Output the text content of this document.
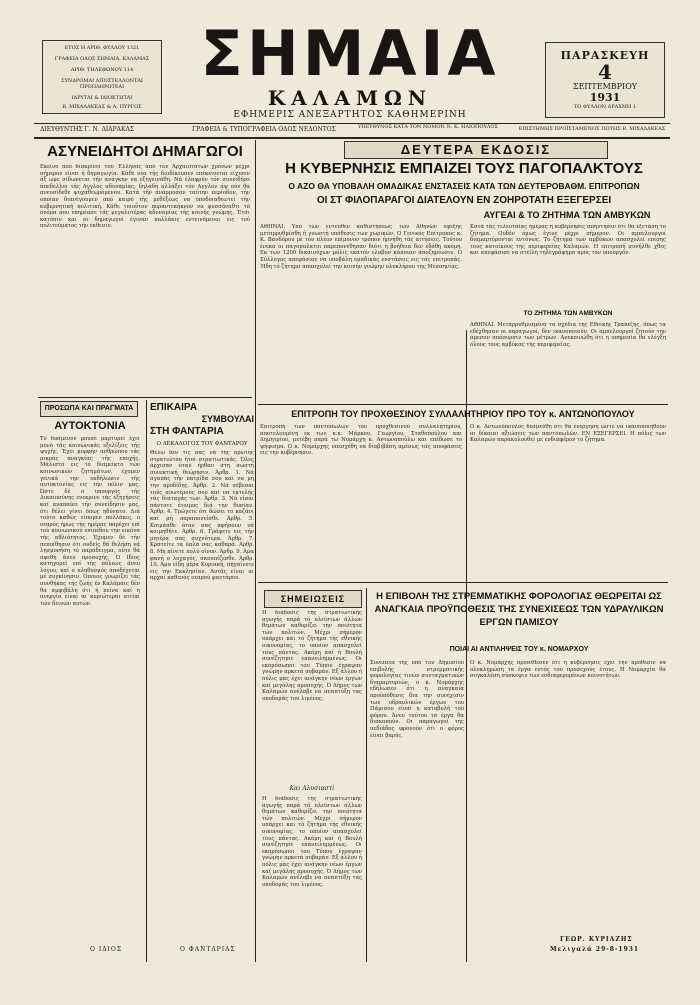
ΕΤΟΣ Η ΑΡΙΘ. ΦΥΛΛΟΥ 1321
ΓΡΑΦΕΙΑ ΟΔΟΣ ΣΗΜΑΙΑ, ΚΑΛΑΜΑΣ
ΑΡΙΘ. ΤΗΛΕΦΩΝΟΥ 114
ΣΥΝΔΡΟΜΑΙ ΑΠΟΣΤΕΛΛΟΝΤΑΙ ΠΡΟΠΛΗΡΩΤΕΑΙ
ΙΔΡΥΤΑΙ & ΙΔΙΟΚΤΗΤΑΙ
Β. ΜΙΧΑΛΑΚΕΑΣ & Α. ΠΥΡΓΟΣ
ΣΗΜΑΙΑ
ΚΑΛΑΜΩΝ
ΕΦΗΜΕΡΙΣ ΑΝΕΞΑΡΤΗΤΟΣ ΚΑΘΗΜΕΡΙΝΗ
ΠΑΡΑΣΚΕΥΗ
4
ΣΕΠΤΕΜΒΡΙΟΥ
1931
ΤΟ ΦΥΛΛΟΝ ΔΡΑΧΜΗ 1
ΔΙΕΥΘΥΝΤΗΣ Γ. Ν. ΔΙΑΡΑΚΑΣ	ΓΡΑΦΕΙΑ & ΤΥΠΟΓΡΑΦΕΙΑ ΟΔΟΣ ΝΕΔΟΝΤΟΣ	ΥΠΕΥΘΥΝΟΣ ΚΑΤΑ ΤΟΝ ΝΟΜΟΝ Ν. Κ. ΗΛΙΟΠΟΥΛΟΣ	ΕΠΙΣΤΗΜΗΣ ΠΡΟΪΣΤΑΜΕΝΟΣ ΠΟΤΗΣ Β. ΜΙΧΑΛΑΚΕΑΣ
ΑΣΥΝΕΙΔΗΤΟΙ ΔΗΜΑΓΩΓΟΙ
Εκείνο πού διακρίνει τού Έλληνας άπό τόν Άρχαιοτάτων χρόνων μέχρι σήμερον είναι ή δημαγωγία. Κάθε νέα τής διοδίκευσεν επέκεινεται είχισεν άξ ωμε σίδωνεται τήν ανάγκην να εξηγεινάθη. Νά έλαφρύν τόν συνειδήσε άπεδελλοι τάς Αγγλος αδυναμίας, δηλαδή αλλάξει τόν Αγγλον άψ ούν θα ανευσίδεθε ψυχαθεωρόμενου. Κατά τήν άνάρμοσαν ταύτην περίοδον, τήν οποίαν διανέγουμεν από καιρό τής μεθέξεως να ύποδοιαθεωτεί τήν κυβερνητική πολιτική. Κάθε τοιοΰτον πυραντεκήκνον να φυσσόναθτι τό ονόμα που επηρέασε τάς μεγαλυτέρας αδυναμίας τής κοινής γνώμης. Έτσι κατόπιν και οι δημαγωγοί έγιναν πολλάκις εντεινόμενοι εις τού πολιτεύματος τήν έκθεσιν.
ΠΡΟΣΩΠΑ ΚΑΙ ΠΡΑΓΜΑΤΑ
ΑΥΤΟΚΤΟΝΙΑ
Τό δυσμένον μουσέ μαρτυρεί έχει μονό τάς κοινωνικάς εξελίξεις τής ψυχής. Έχει μορφήν ανθρώπου τάς μικράς αναγκίας τής εποχής. Μάλιστα εις τό διαμείκτο τών κοινωνικών ζητημάτων, έχομεν γενικά την εκδήλωσιν τής αυτοκτονίας εις τήν πόλιν μας. Ώστε δέ ο υπουργός τής Δικαιοσύνης ενεκρινε τάς εξηγήσεις καί αναπαύει τήν συνείδησιν μας, ότι θέλει γίνει όπως ηδύνατο. Διά τούτο καθώς είπομεν πολλάκις, ο νεαρός ήρως τής ημέρας παρέχει επί τού κοινωνικού επιπέδου την εικόνα τής αθλιότητος. Έχομεν δέ τήν πεποίθησιν ότι ουδείς θά θελήση νά λησμονήση τό παράδειγμα, ούτε θά αφεθή άνευ προσοχής. Ό Ιδιος κατηγορεί επί τής πόλεως άνευ λόγου, καί ο πληθυσμός αποδέχεται μέ συγκίνησιν. Όποιος γνωρίζει τάς συνθήκας τής ζωής έν Καλάμαις δέν θα αμφιβάλη ότι ή πείνα καί η ανεργία είναι αι κυριώτεραι αιτίαι τών δεινών αυτών.
Ο ΙΔΙΟΣ
ΕΠΙΚΑΙΡΑ
ΣΥΜΒΟΥΛΑΙ
ΣΤΗ ΦΑΝΤΑΡΙΑ
Ο ΔΕΚΑΛΟΓΟΣ ΤΟΥ ΦΑΝΤΑΡΟΥ
Θέλω δεν τις σας νά τής πρώτης στρατιώτου ήτοι στρατιωτικάς. Όλες άρχισαν όταν ήρθαν στη σωστή συνεκτική θεώρησιν. Άρθρ. 1. Νά αγαπάς τήν πατρίδα σου καί να μή την προδίδης. Άρθρ. 2. Νά σέβεσαι τούς ανωτέρους σου καί να εκτελής τάς διαταγάς των. Άρθρ. 3. Νά είσαι πάντοτε έτοιμος διά την θυσίαν. Άρθρ. 4. Τρώγετε ότι δώσει το καζάνι καί μή παραπονείσθε. Άρθρ. 5. Κοιμάσθε όταν σας αφήσουν νά κοιμηθήτε. Άρθρ. 6. Γράφετε εις τήν μητέρα σας συχνότερα. Άρθρ. 7. Κρατείτε τα όπλα σας καθαρά. Άρθρ. 8. Μη πίνετε πολύ οίνον. Άρθρ. 9. Άμα φανή ο λοχαγός, σκουπίζεσθε. Άρθρ. 10. Άμα είδη μέρα Κυριακή, πηγαίνετε εις την Εκκλησίαν. Αυτάς είναι αι αρχαί καθενός νεαρού φαντάρου.
Ο ΦΑΝΤΑΡΙΑΣ
ΔΕΥΤΕΡΑ ΕΚΔΟΣΙΣ
Η ΚΥΒΕΡΝΗΣΙΣ ΕΜΠΑΙΖΕΙ ΤΟΥΣ ΠΑΓΟΠΑΛΚΤΟΥΣ
Ο ΑΖΟ ΘΑ ΥΠΟΒΑΛΗ ΟΜΑΔΙΚΑΣ ΕΝΣΤΑΣΕΙΣ ΚΑΤΑ ΤΩΝ ΔΕΥΤΕΡΟΒΑΘΜ. ΕΠΙΤΡΟΠΩΝ
ΟΙ ΣΤ ΦΙΛΟΠΑΡΑΓΟΙ ΔΙΑΤΕΛΟΥΝ ΕΝ ΖΟΗΡΟΤΑΤΗ ΕΞΕΓΕΡΣΕΙ
ΑΥΓΕΑΙ & ΤΟ ΖΗΤΗΜΑ ΤΩΝ ΑΜΒΥΚΩΝ
ΑΘΗΝΑΙ. Υπό τών εντεύθεν καθιστήσεως των Αθηνών εφεξής μεταρρυθμίσθη ή γνωστή υπόθεσις των χωρικών. Ο Γενικός Επίτροπος κ. Κ. Βανδόρου μέ τόν πλέον επίμονον τρόπον ήρνήθη τάς αιτήσεις. Τούτου ένεκα οι παγοπαλκτοι παρεπονέθησαν διότι η βοήθεια δεν εδόθη ακόμη. Εκ των 1200 δικαιούχων μόλις εκατόν ελαβον κάποιαν αποζημίωσιν. Ο Σύλλογος απεφάσισε να υποβάλη ομαδικάς ενστάσεις εις τάς επιτροπάς. Ήδη τό ζήτημα απασχολεί την κοινήν γνώμην ολοκλήρου της Μεσσηνίας.
Κατά τάς τελευταίας ημέρας η κυβέρνησις απήντησεν ότι θα εξετάση το ζήτημα. Ουδέν όμως έγινε μέχρι σήμερον. Οι αμπελουργοί διαμαρτύρονται εντόνως. Το ζήτημα των αμβύκων απασχολεί επίσης τους κατοίκους της περιφερείας Καλαμών. Η επιτροπή συνήλθε χθες και απεφάσισε να στείλη τηλεγράφημα προς τον υπουργόν.
ΤΟ ΖΗΤΗΜΑ ΤΩΝ ΑΜΒΥΚΩΝ
ΑΘΗΝΑΙ. Μεταρρυθμισμένα τα σχέδια της Εθνικής Τραπέζης, όπως τα εδέχθησαν οι παραγωγοί, δεν ικανοποιούν. Οι αμπελουργοί ζητούν την άμεσον απόσυρσιν των μέτρων. Ανεκοινώθη ότι η υπηρεσία θα ελέγξη όλους τους αμβύκας της περιφερείας.
ΕΠΙΤΡΟΠΗ ΤΟΥ ΠΡΟΧΘΕΣΙΝΟΥ ΣΥΛΛΑΛΗΤΗΡΙΟΥ ΠΡΟ ΤΟΥ κ. ΑΝΤΩΝΟΠΟΥΛΟΥ
Επιτροπή των παντοπωλών του προχθεσινού συλλαλητηρίου, αποτελουμένη εκ των κ.κ. Μάρκου, Γεωργίου, Σταθοπούλου και Δημητρίου, μετέβη παρά τω Νομάρχη κ. Αντωνοπούλω και επέδωσε το ψήφισμα. Ο κ. Νομάρχης υπεσχέθη να διαβιβάση αμέσως τάς αποφάσεις εις την κυβέρνησιν.
Ο κ. Αντωνόπουλος δεσμεύθη ότι θα ενεργήση ώστε να ικανοποιηθούν αι δίκαιαι αξιώσεις των παντοπωλών. ΕΝ ΕΞΕΓΕΡΣΕΙ. Η πόλις των Καλαμών παρακολουθεί με ενδιαφέρον το ζήτημα.
ΣΗΜΕΙΩΣΕΙΣ
Η διάδοσις τής στρατιωτικής αγωγής παρά τό πλείστων άλλων θεμάτων καθορίζει την ποιότητα τών πολιτών. Μέχρι σήμερον υπάρχει και τό ζήτημα τής εθνικής οικονομίας, το οποίον απασχολεί τους πάντας. Ακόμη καί ή Βουλή συνέζητησε επανειλημμένως. Οι εκπρόσωποι του Τύπου έγραψαν γνώμην αρκετά σοβαράν. Εξ άλλου ή πόλις μας έχει ανάγκην νέων έργων καί μεγάλης προσοχής. Ό Δήμος των Καλαμών ανέλαβε να αναπτύξη τας υποδομάς του λιμένος.
Και Αλυσιαστί
Η διάδοσις τής στρατιωτικής αγωγής παρά τό πλείστων άλλων θεμάτων καθορίζει την ποιότητα τών πολιτών. Μέχρι σήμερον υπάρχει και τό ζήτημα τής εθνικής οικονομίας, το οποίον απασχολεί τους πάντας. Ακόμη καί ή Βουλή συνέζητησε επανειλημμένως. Οι εκπρόσωποι του Τύπου έγραψαν γνώμην αρκετά σοβαράν. Εξ άλλου ή πόλις μας έχει ανάγκην νέων έργων καί μεγάλης προσοχής. Ό Δήμος των Καλαμών ανέλαβε να αναπτύξη τας υποδομάς του λιμένος.
Η ΕΠΙΒΟΛΗ ΤΗΣ ΣΤΡΕΜΜΑΤΙΚΗΣ ΦΟΡΟΛΟΓΙΑΣ ΘΕΩΡΕΙΤΑΙ ΩΣ ΑΝΑΓΚΑΙΑ ΠΡΟΫΠΟΘΕΣΙΣ ΤΗΣ ΣΥΝΕΧΙΣΕΩΣ ΤΩΝ ΥΔΡΑΥΛΙΚΩΝ ΕΡΓΩΝ ΠΑΜΙΣΟΥ
ΠΟΙΑΙ ΑΙ ΑΝΤΙΛΗΨΕΙΣ ΤΟΥ κ. ΝΟΜΑΡΧΟΥ
Συνεπεία τής υπό του Δημοσίου επιβολής στρεμματικής φορολογίας τινών συνταγματικών διαμαρτυριών, ο κ. Νομάρχης εδήλωσεν ότι η αναγκαία προϋπόθεσις δια την συνέχισιν των υδραυλικών έργων του Πάμισου είναι η καταβολή του φόρου. Άνευ τούτου τα έργα θα διακοπούν. Οι παραγωγοί της πεδιάδος φρονούν ότι ο φόρος είναι βαρύς.
Ο κ. Νομάρχης προσέθεσεν ότι η κυβέρνησις έχει την πρόθεσιν να ολοκληρώση τα έργα εντός του προσεχούς έτους. Η Νομαρχία θα συγκαλέση σύσκεψιν των ενδιαφερομένων κοινοτήτων.
ΓΕΩΡ. ΚΥΡΙΑΖΗΣ
Μελιγαλά 29-8-1931
